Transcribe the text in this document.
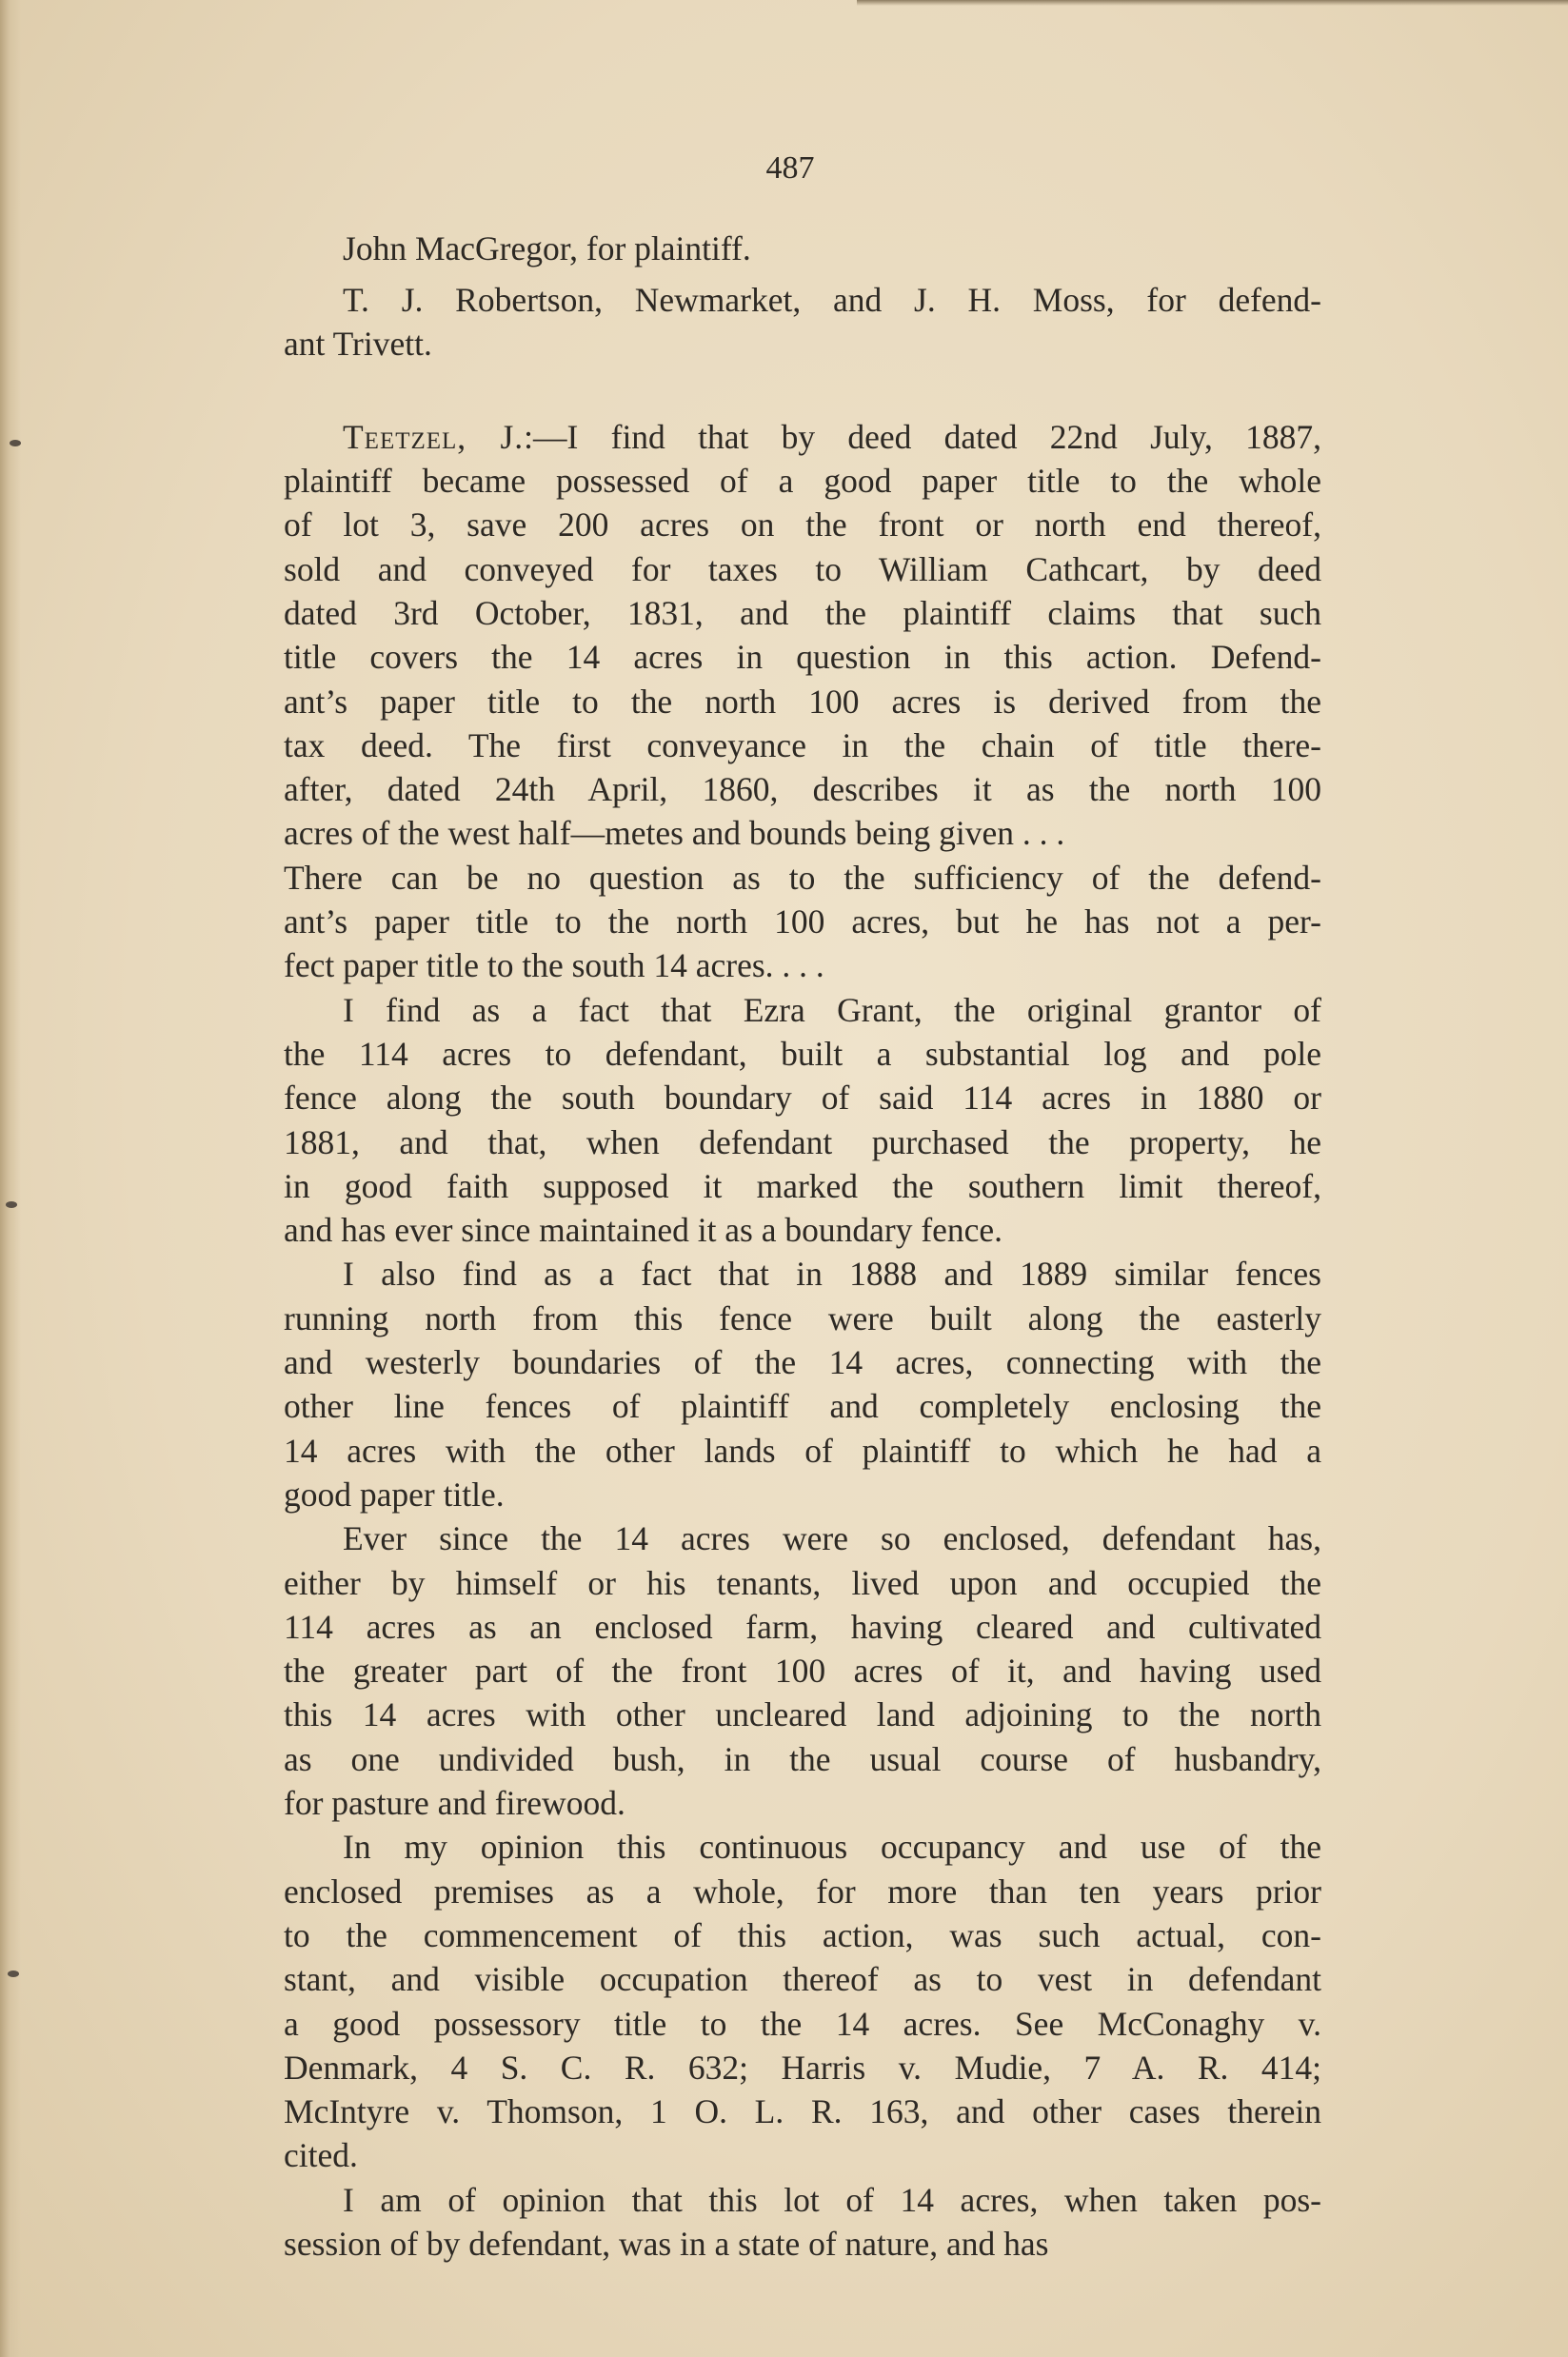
487
John MacGregor, for plaintiff.
T. J. Robertson, Newmarket, and J. H. Moss, for defend-
ant Trivett.
Teetzel, J.:—I find that by deed dated 22nd July, 1887,
plaintiff became possessed of a good paper title to the whole
of lot 3, save 200 acres on the front or north end thereof,
sold and conveyed for taxes to William Cathcart, by deed
dated 3rd October, 1831, and the plaintiff claims that such
title covers the 14 acres in question in this action. Defend-
ant’s paper title to the north 100 acres is derived from the
tax deed. The first conveyance in the chain of title there-
after, dated 24th April, 1860, describes it as the north 100
acres of the west half—metes and bounds being given . . .
There can be no question as to the sufficiency of the defend-
ant’s paper title to the north 100 acres, but he has not a per-
fect paper title to the south 14 acres. . . .
I find as a fact that Ezra Grant, the original grantor of
the 114 acres to defendant, built a substantial log and pole
fence along the south boundary of said 114 acres in 1880 or
1881, and that, when defendant purchased the property, he
in good faith supposed it marked the southern limit thereof,
and has ever since maintained it as a boundary fence.
I also find as a fact that in 1888 and 1889 similar fences
running north from this fence were built along the easterly
and westerly boundaries of the 14 acres, connecting with the
other line fences of plaintiff and completely enclosing the
14 acres with the other lands of plaintiff to which he had a
good paper title.
Ever since the 14 acres were so enclosed, defendant has,
either by himself or his tenants, lived upon and occupied the
114 acres as an enclosed farm, having cleared and cultivated
the greater part of the front 100 acres of it, and having used
this 14 acres with other uncleared land adjoining to the north
as one undivided bush, in the usual course of husbandry,
for pasture and firewood.
In my opinion this continuous occupancy and use of the
enclosed premises as a whole, for more than ten years prior
to the commencement of this action, was such actual, con-
stant, and visible occupation thereof as to vest in defendant
a good possessory title to the 14 acres. See McConaghy v.
Denmark, 4 S. C. R. 632; Harris v. Mudie, 7 A. R. 414;
McIntyre v. Thomson, 1 O. L. R. 163, and other cases therein
cited.
I am of opinion that this lot of 14 acres, when taken pos-
session of by defendant, was in a state of nature, and has
